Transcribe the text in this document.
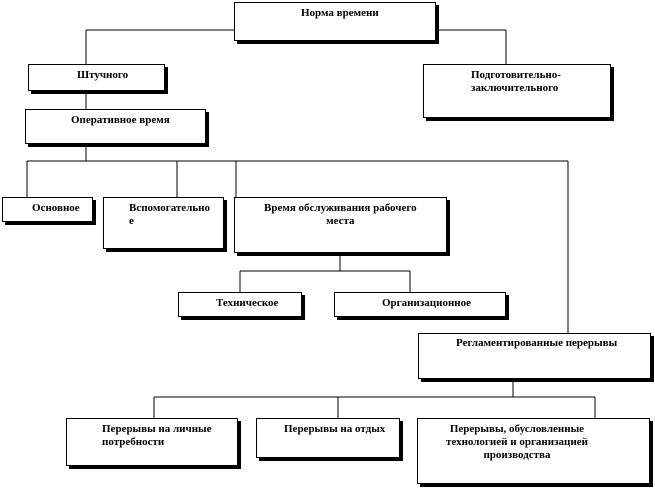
Норма времени
Штучного	Подготовительно-
заключительного
Оперативное время
Основное	Вспомогательно
е
Время обслуживания рабочего
места
Техническое	Организационное
Регламентированные перерывы
Перерывы на личные
потребности
Перерывы на отдых	Перерывы, обусловленные
технологией и организацией
производства
